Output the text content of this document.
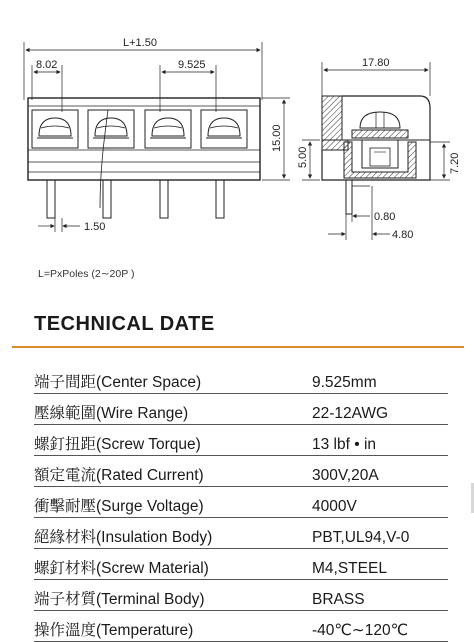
L+1.50
8.02	9.525
15.00
1.50
17.80
5.00	7.20
0.80
4.80
L=PxPoles (2∼20P )
TECHNICAL DATE
端子間距(Center Space)	9.525mm
壓線範圍(Wire Range)	22-12AWG
螺釘扭距(Screw Torque)	13 lbf • in
額定電流(Rated Current)	300V,20A
衝擊耐壓(Surge Voltage)	4000V
絕緣材料(Insulation Body)	PBT,UL94,V-0
螺釘材料(Screw Material)	M4,STEEL
端子材質(Terminal Body)	BRASS
操作溫度(Temperature)	-40℃∼120℃
